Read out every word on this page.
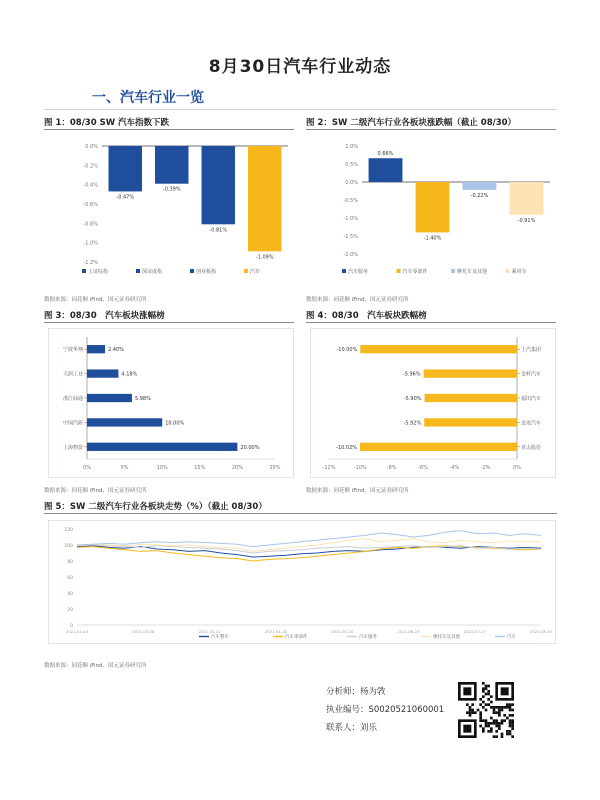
8月30日汽车行业动态
一、汽车行业一览
图 1：08/30 SW 汽车指数下跌
0.0%
-0.2%
-0.4%
-0.6%
-0.8%
-1.0%
-1.2%
-0.47%
-0.39%
-0.81%
-1.09%
上证综指	深证成指	创业板指	汽车
数据来源：同花顺 iFind，国元证券研究所
图 2：SW 二级汽车行业各板块涨跌幅（截止 08/30）
1.0%
0.5%
0.0%
-0.5%
-1.0%
-1.5%
-2.0%
0.66%
-1.40%
-0.22%
-0.91%
汽车服务	汽车零部件	摩托车及其他	乘用车
数据来源：同花顺 iFind，国元证券研究所
图 3：08/30　汽车板块涨幅榜
0%	5%	10%	15%	20%	25%
2.40%
宁波华翔
4.18%
天润工业
5.98%
浙江仙通
10.00%
中国汽研
20.00%
上海物贸
数据来源：同花顺 iFind，国元证券研究所
图 4：08/30　汽车板块跌幅榜
-12%	-10%	-8%	-6%	-4%	-2%	0%
-10.00%	上汽集团
-5.96%	金杯汽车
-5.90%	福田汽车
-5.92%	金龙汽车
-10.02%	亚太股份
数据来源：同花顺 iFind，国元证券研究所
图 5：SW 二级汽车行业各板块走势（%）（截止 08/30）
120
100
80
60
40
20
0
2021-01-04	2021-02-08	2021-03-11	2021-04-16	2021-05-20	2021-06-23	2021-07-27	2021-08-30
汽车整车	汽车零部件	汽车服务	摩托车及其他	汽车
数据来源：同花顺 iFind，国元证券研究所
分析师：杨为敩
执业编号：S0020521060001
联系人：刘乐
